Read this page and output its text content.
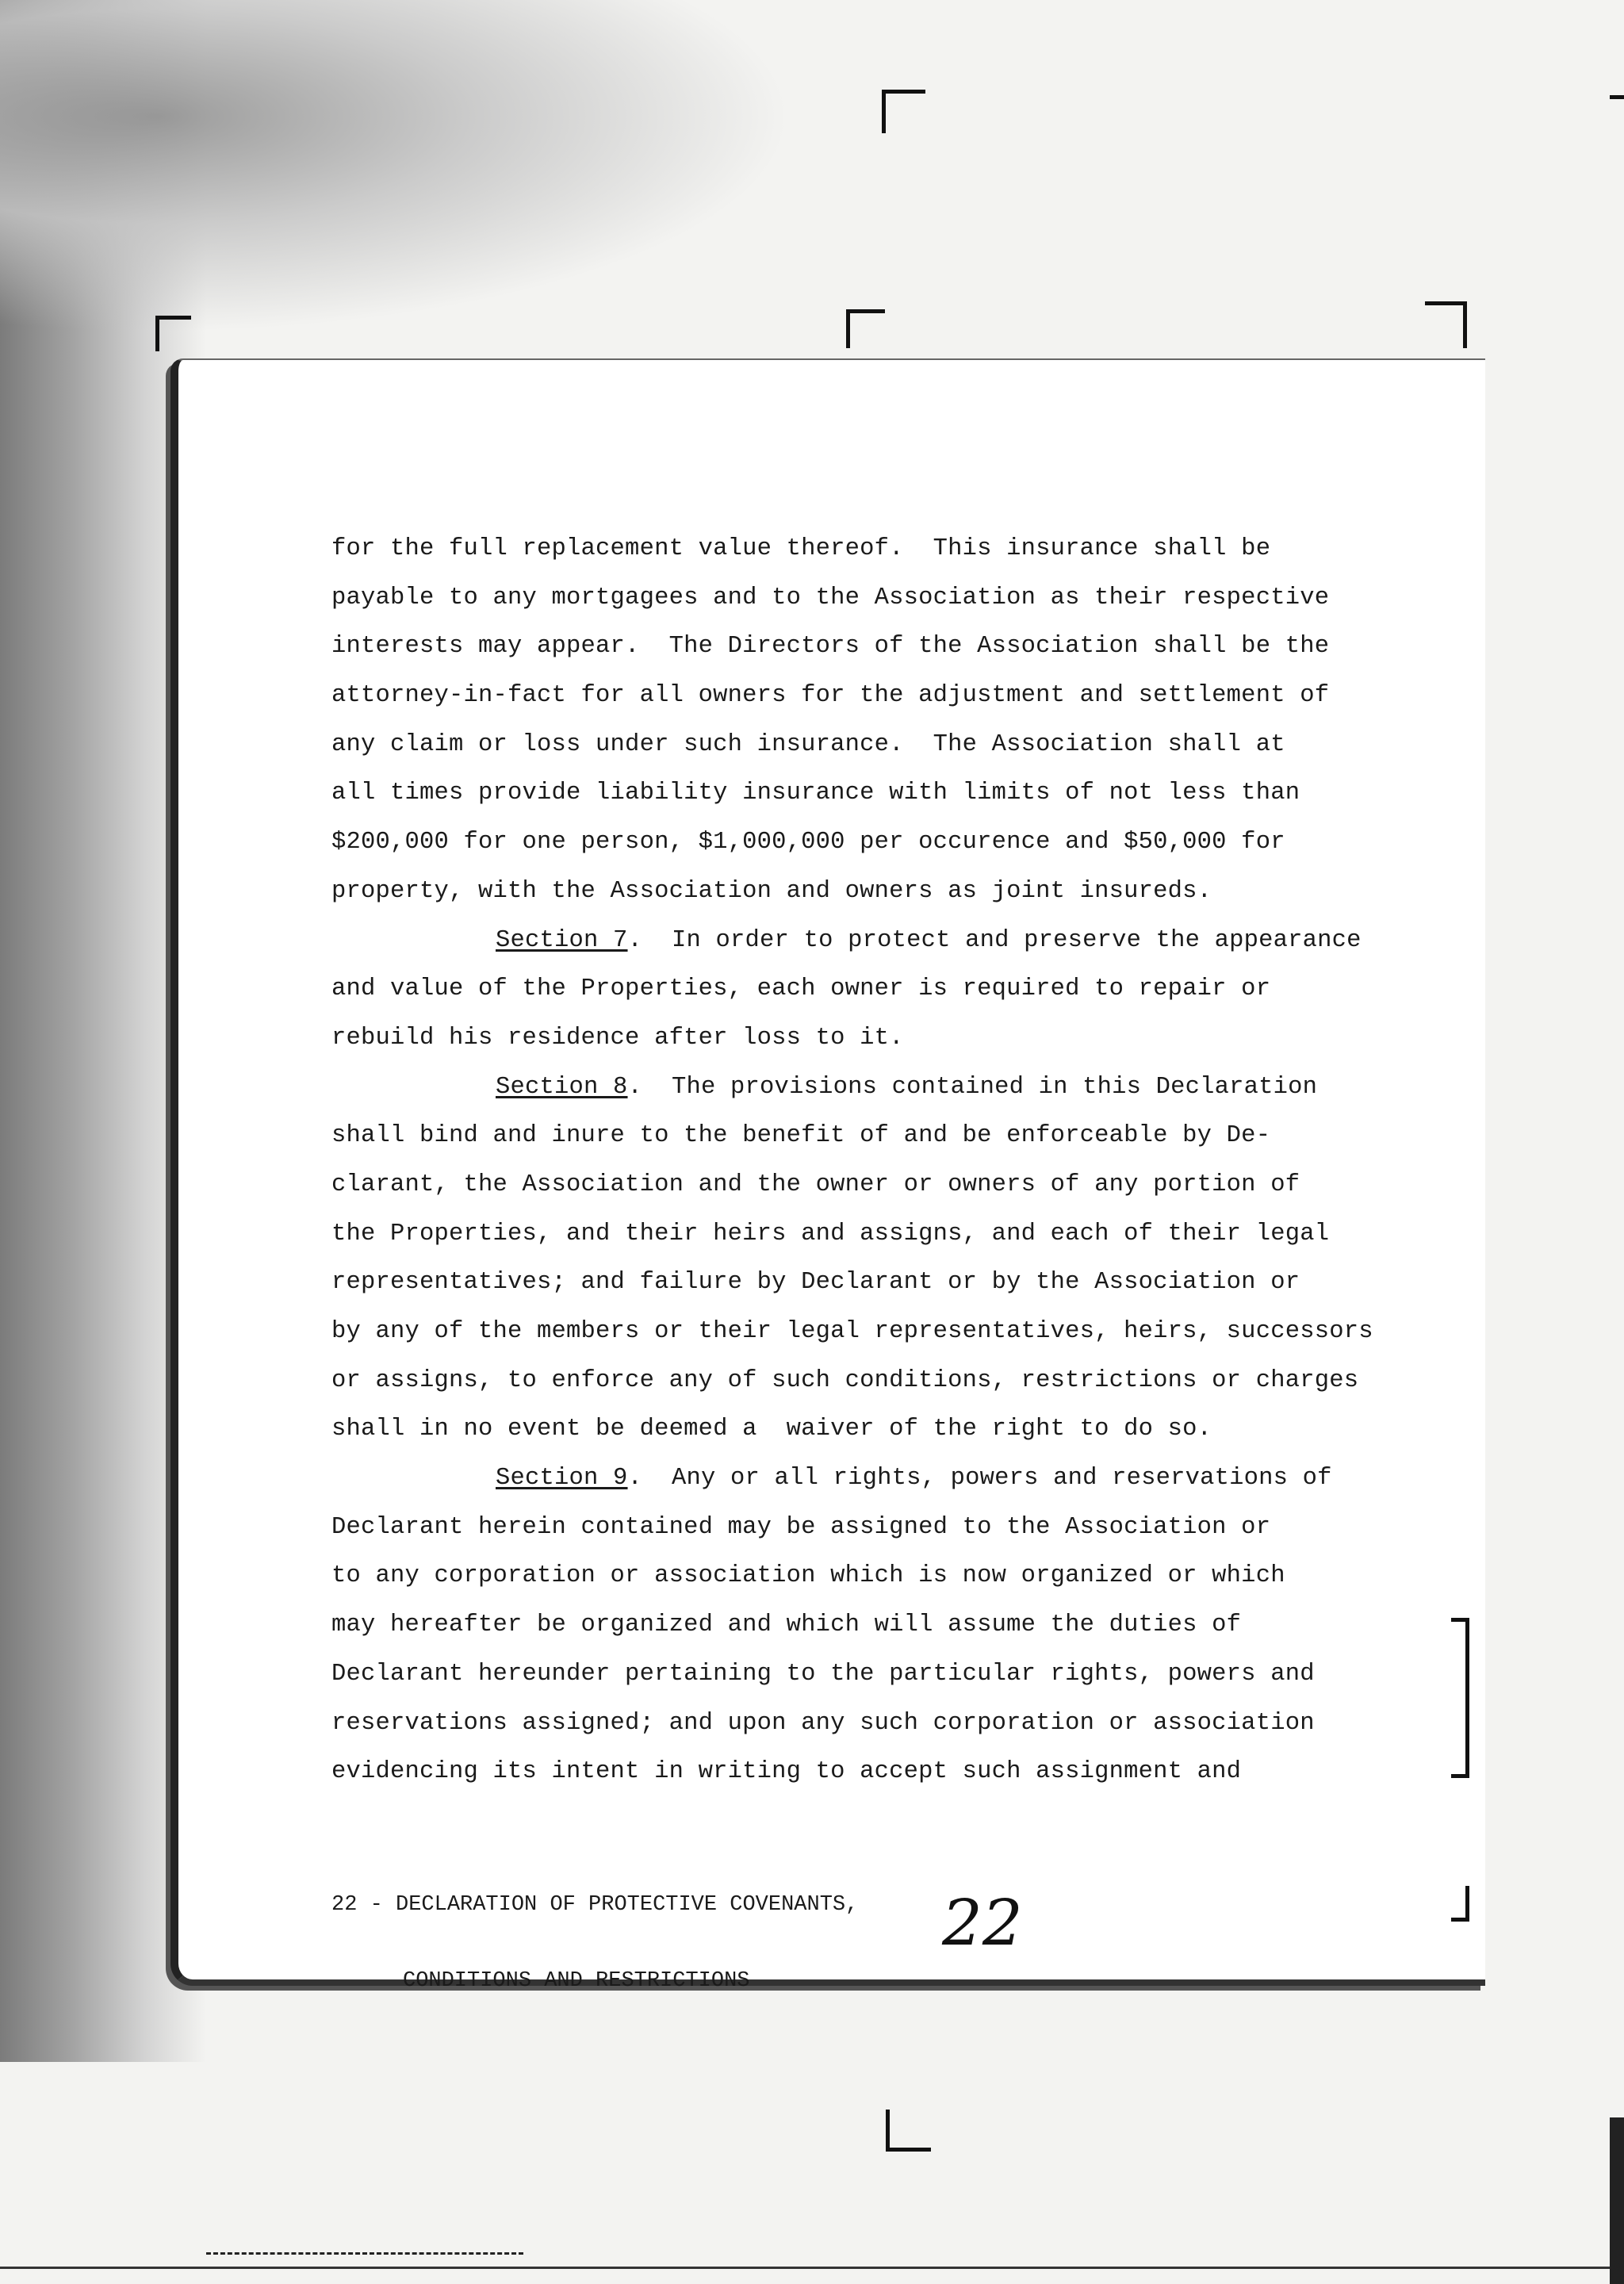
for the full replacement value thereof.  This insurance shall be
payable to any mortgagees and to the Association as their respective
interests may appear.  The Directors of the Association shall be the
attorney-in-fact for all owners for the adjustment and settlement of
any claim or loss under such insurance.  The Association shall at
all times provide liability insurance with limits of not less than
$200,000 for one person, $1,000,000 per occurence and $50,000 for
property, with the Association and owners as joint insureds.
Section 7.  In order to protect and preserve the appearance
and value of the Properties, each owner is required to repair or
rebuild his residence after loss to it.
Section 8.  The provisions contained in this Declaration
shall bind and inure to the benefit of and be enforceable by De-
clarant, the Association and the owner or owners of any portion of
the Properties, and their heirs and assigns, and each of their legal
representatives; and failure by Declarant or by the Association or
by any of the members or their legal representatives, heirs, successors
or assigns, to enforce any of such conditions, restrictions or charges
shall in no event be deemed a  waiver of the right to do so.
Section 9.  Any or all rights, powers and reservations of
Declarant herein contained may be assigned to the Association or
to any corporation or association which is now organized or which
may hereafter be organized and which will assume the duties of
Declarant hereunder pertaining to the particular rights, powers and
reservations assigned; and upon any such corporation or association
evidencing its intent in writing to accept such assignment and

22 - DECLARATION OF PROTECTIVE COVENANTS,

CONDITIONS AND RESTRICTIONS

22
